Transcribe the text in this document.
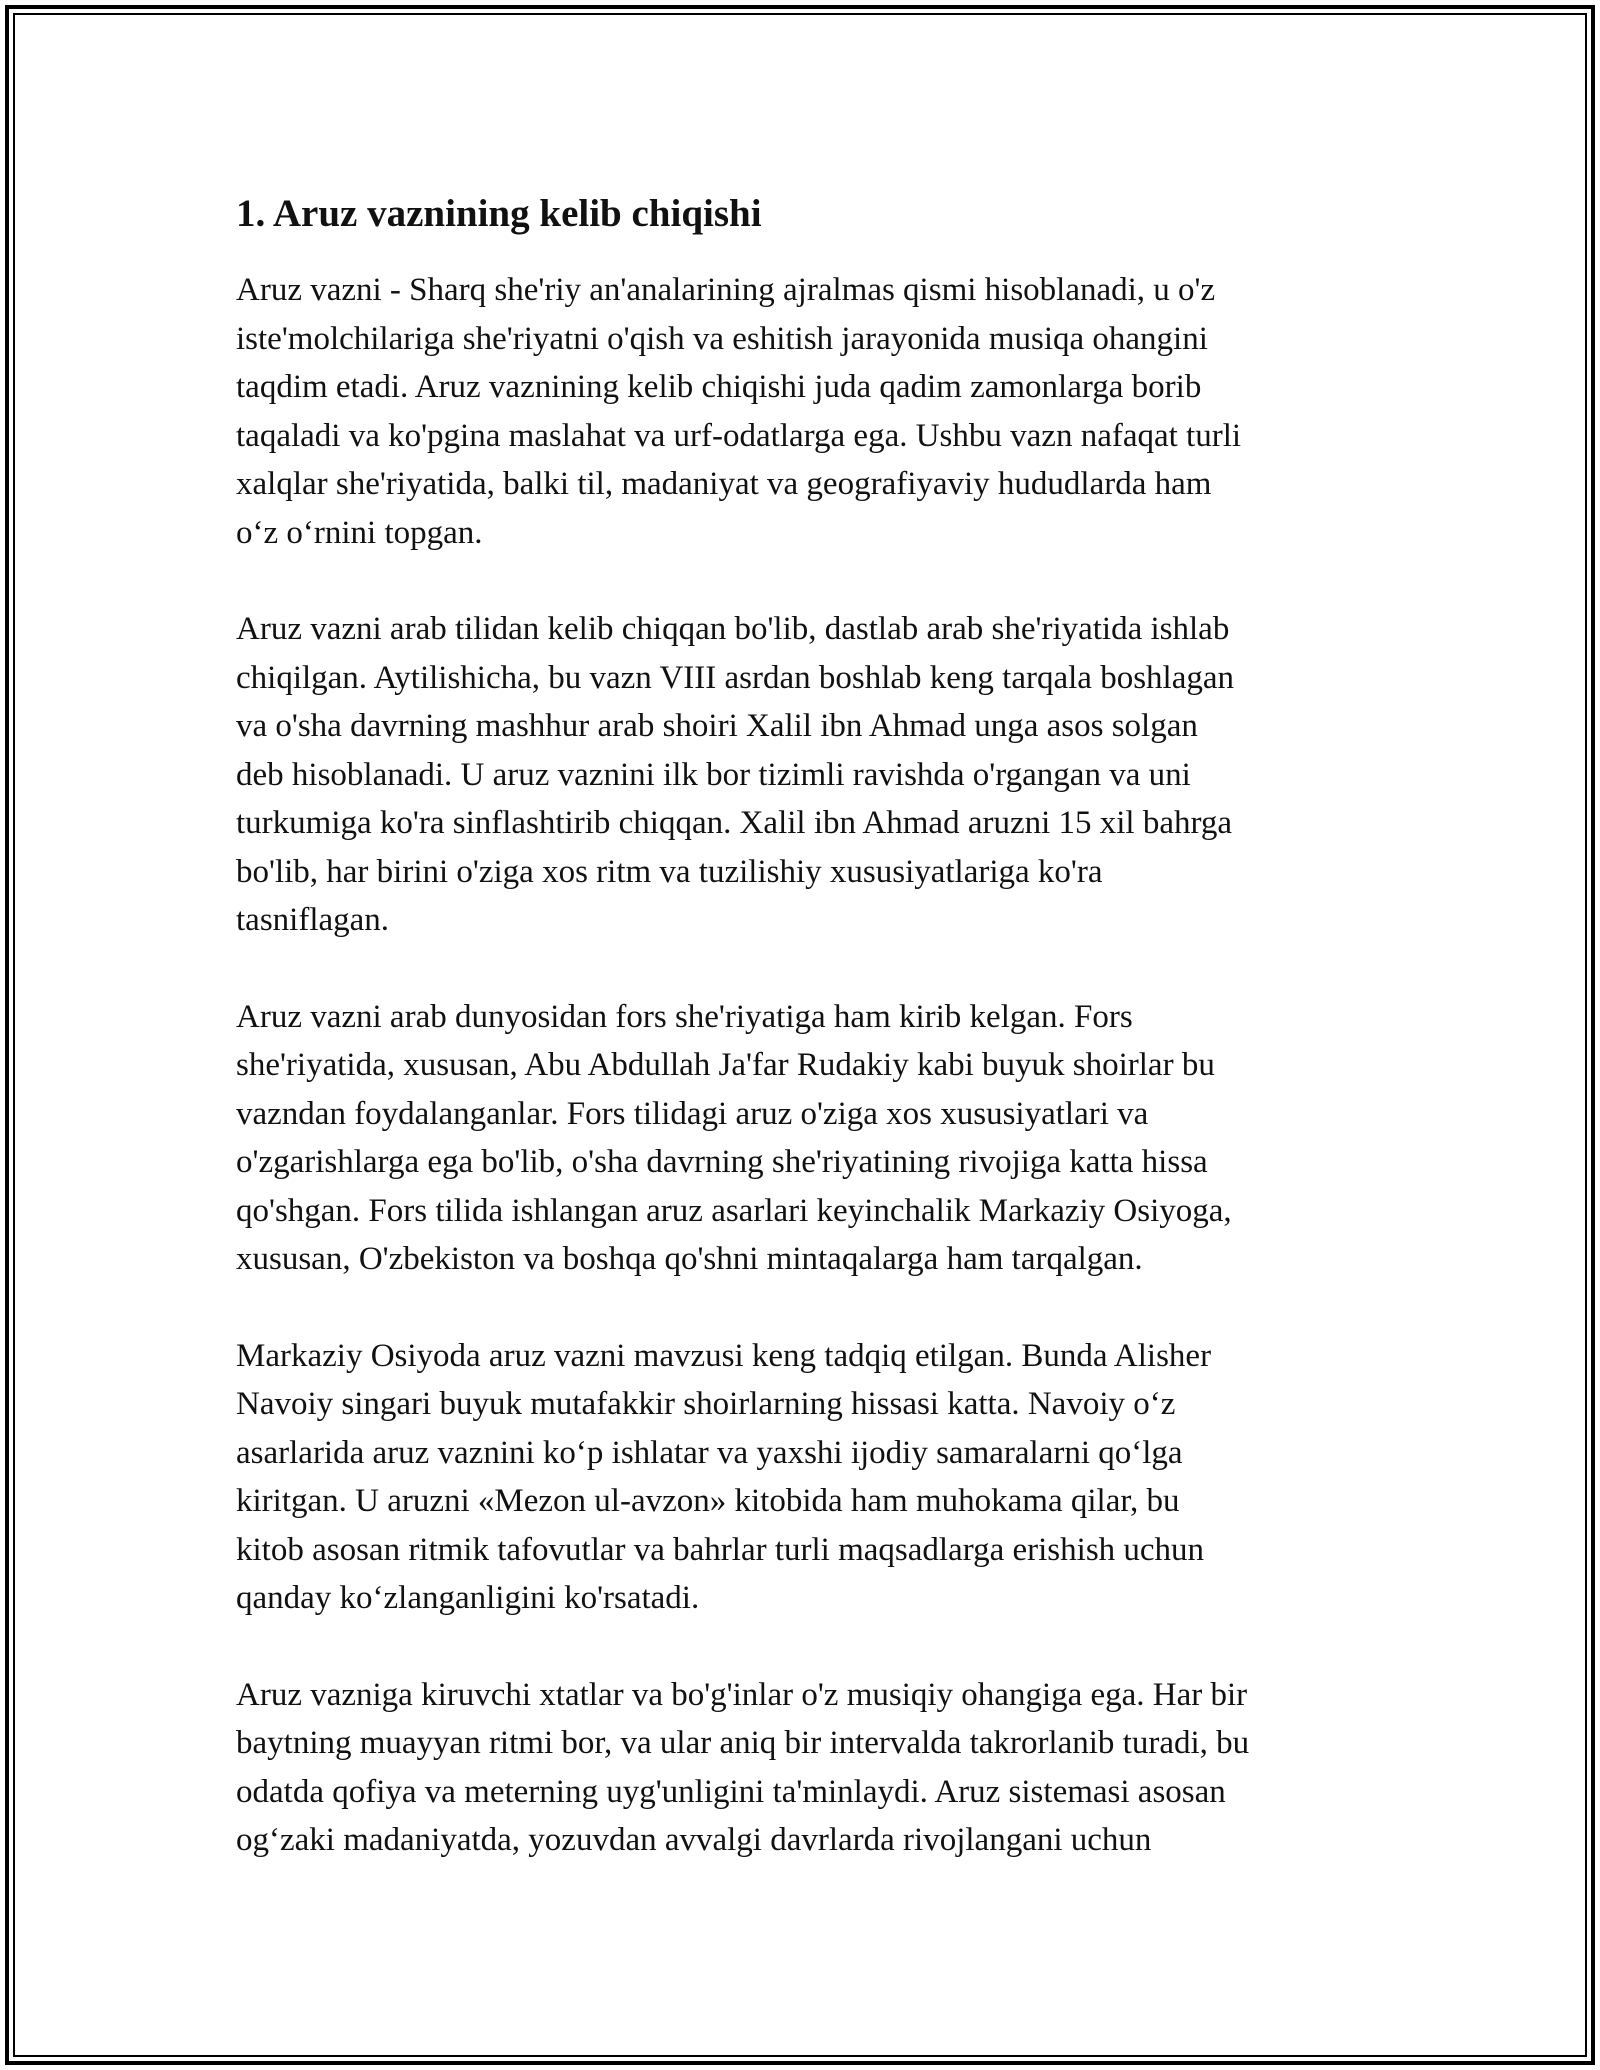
1. Aruz vaznining kelib chiqishi

Aruz vazni - Sharq she'riy an'analarining ajralmas qismi hisoblanadi, u o'z
iste'molchilariga she'riyatni o'qish va eshitish jarayonida musiqa ohangini
taqdim etadi. Aruz vaznining kelib chiqishi juda qadim zamonlarga borib
taqaladi va ko'pgina maslahat va urf-odatlarga ega. Ushbu vazn nafaqat turli
xalqlar she'riyatida, balki til, madaniyat va geografiyaviy hududlarda ham
o‘z o‘rnini topgan.

Aruz vazni arab tilidan kelib chiqqan bo'lib, dastlab arab she'riyatida ishlab
chiqilgan. Aytilishicha, bu vazn VIII asrdan boshlab keng tarqala boshlagan
va o'sha davrning mashhur arab shoiri Xalil ibn Ahmad unga asos solgan
deb hisoblanadi. U aruz vaznini ilk bor tizimli ravishda o'rgangan va uni
turkumiga ko'ra sinflashtirib chiqqan. Xalil ibn Ahmad aruzni 15 xil bahrga
bo'lib, har birini o'ziga xos ritm va tuzilishiy xususiyatlariga ko'ra
tasniflagan.

Aruz vazni arab dunyosidan fors she'riyatiga ham kirib kelgan. Fors
she'riyatida, xususan, Abu Abdullah Ja'far Rudakiy kabi buyuk shoirlar bu
vazndan foydalanganlar. Fors tilidagi aruz o'ziga xos xususiyatlari va
o'zgarishlarga ega bo'lib, o'sha davrning she'riyatining rivojiga katta hissa
qo'shgan. Fors tilida ishlangan aruz asarlari keyinchalik Markaziy Osiyoga,
xususan, O'zbekiston va boshqa qo'shni mintaqalarga ham tarqalgan.

Markaziy Osiyoda aruz vazni mavzusi keng tadqiq etilgan. Bunda Alisher
Navoiy singari buyuk mutafakkir shoirlarning hissasi katta. Navoiy o‘z
asarlarida aruz vaznini ko‘p ishlatar va yaxshi ijodiy samaralarni qo‘lga
kiritgan. U aruzni «Mezon ul-avzon» kitobida ham muhokama qilar, bu
kitob asosan ritmik tafovutlar va bahrlar turli maqsadlarga erishish uchun
qanday ko‘zlanganligini ko'rsatadi.

Aruz vazniga kiruvchi xtatlar va bo'g'inlar o'z musiqiy ohangiga ega. Har bir
baytning muayyan ritmi bor, va ular aniq bir intervalda takrorlanib turadi, bu
odatda qofiya va meterning uyg'unligini ta'minlaydi. Aruz sistemasi asosan
og‘zaki madaniyatda, yozuvdan avvalgi davrlarda rivojlangani uchun
